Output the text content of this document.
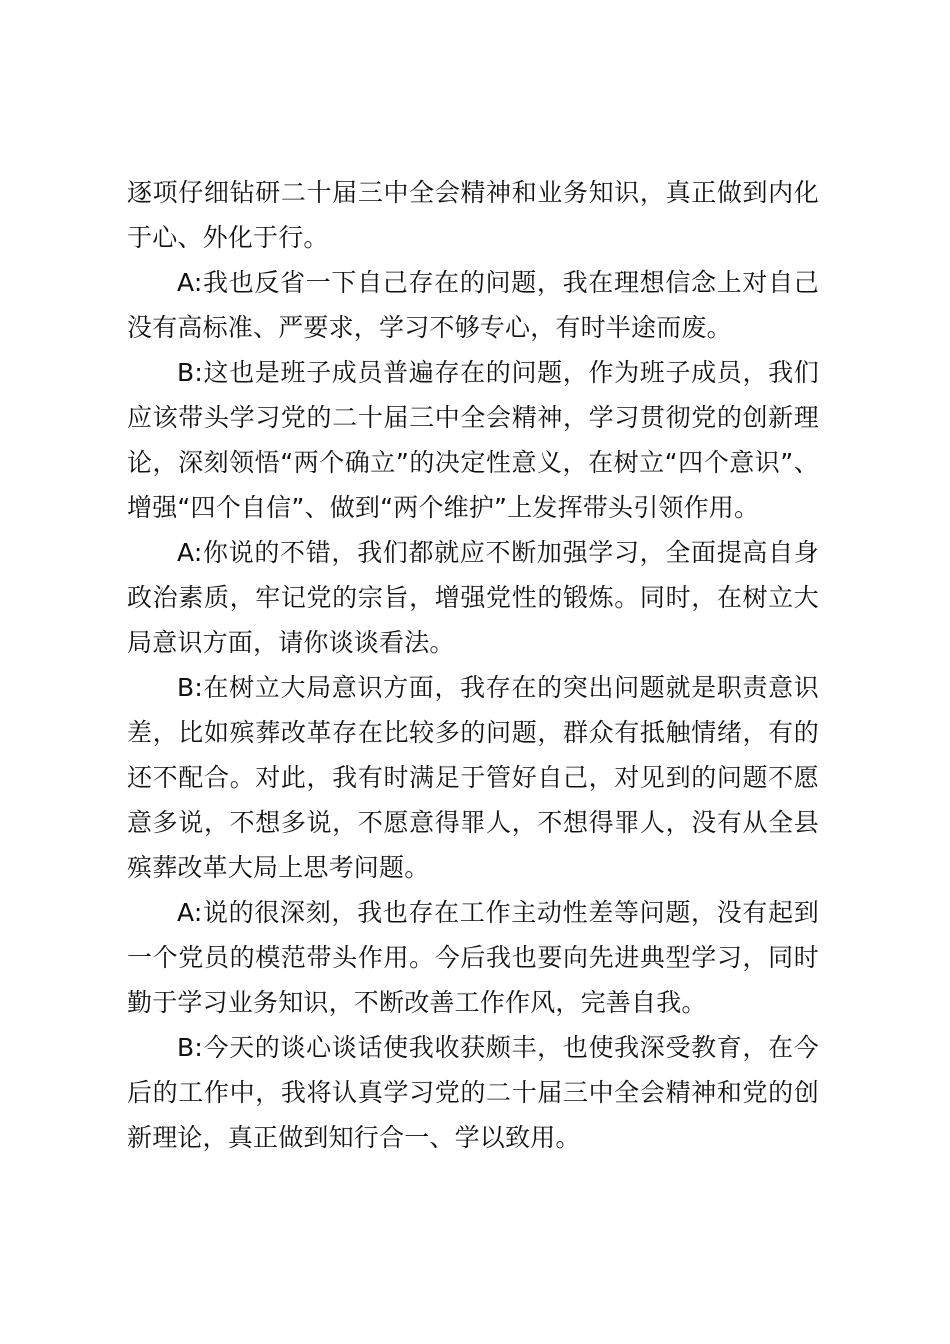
逐项仔细钻研二十届三中全会精神和业务知识，真正做到内化于心、外化于行。

A:我也反省一下自己存在的问题，我在理想信念上对自己没有高标准、严要求，学习不够专心，有时半途而废。

B:这也是班子成员普遍存在的问题，作为班子成员，我们应该带头学习党的二十届三中全会精神，学习贯彻党的创新理论，深刻领悟“两个确立”的决定性意义，在树立“四个意识”、增强“四个自信”、做到“两个维护”上发挥带头引领作用。

A:你说的不错，我们都就应不断加强学习，全面提高自身政治素质，牢记党的宗旨，增强党性的锻炼。同时，在树立大局意识方面，请你谈谈看法。

B:在树立大局意识方面，我存在的突出问题就是职责意识差，比如殡葬改革存在比较多的问题，群众有抵触情绪，有的还不配合。对此，我有时满足于管好自己，对见到的问题不愿意多说，不想多说，不愿意得罪人，不想得罪人，没有从全县殡葬改革大局上思考问题。

A:说的很深刻，我也存在工作主动性差等问题，没有起到一个党员的模范带头作用。今后我也要向先进典型学习，同时勤于学习业务知识，不断改善工作作风，完善自我。

B:今天的谈心谈话使我收获颇丰，也使我深受教育，在今后的工作中，我将认真学习党的二十届三中全会精神和党的创新理论，真正做到知行合一、学以致用。
